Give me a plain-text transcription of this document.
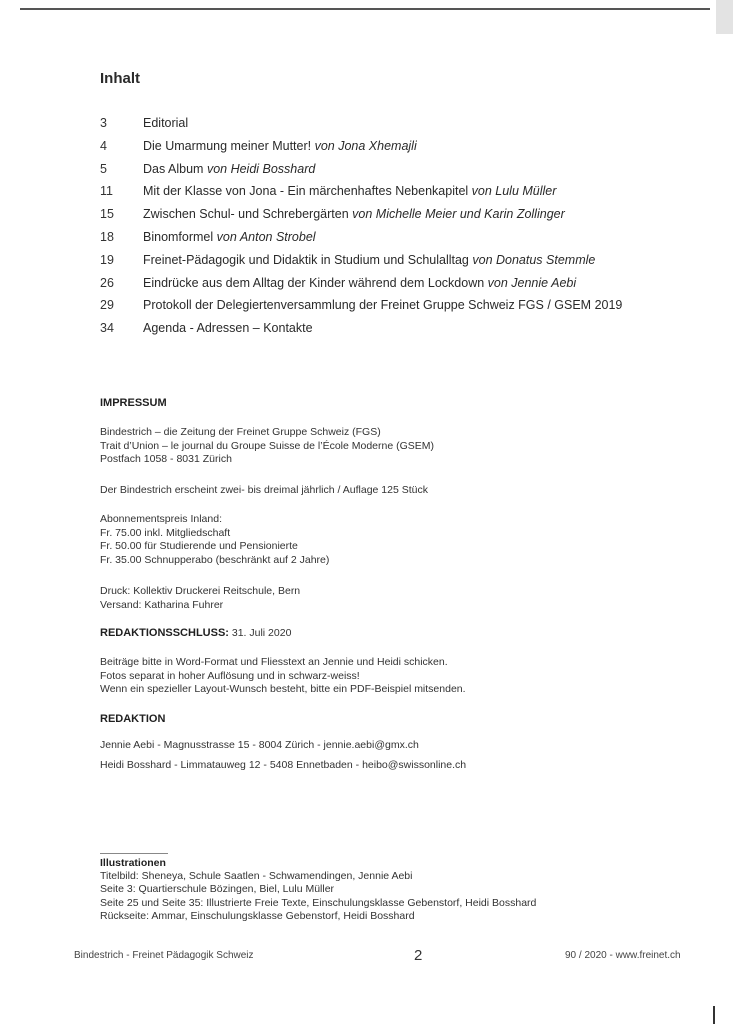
Inhalt
3	Editorial
4	Die Umarmung meiner Mutter! von Jona Xhemajli
5	Das Album von Heidi Bosshard
11 Mit der Klasse von Jona - Ein märchenhaftes Nebenkapitel von Lulu Müller
15 Zwischen Schul- und Schrebergärten von Michelle Meier und Karin Zollinger
18 Binomformel von Anton Strobel
19 Freinet-Pädagogik und Didaktik in Studium und Schulalltag von Donatus Stemmle
26 Eindrücke aus dem Alltag der Kinder während dem Lockdown von Jennie Aebi
29 Protokoll der Delegiertenversammlung der Freinet Gruppe Schweiz FGS / GSEM 2019
34 Agenda - Adressen – Kontakte
IMPRESSUM

Bindestrich – die Zeitung der Freinet Gruppe Schweiz (FGS)

Trait d’Union – le journal du Groupe Suisse de l’École Moderne (GSEM)

Postfach 1058 - 8031 Zürich

Der Bindestrich erscheint zwei- bis dreimal jährlich / Auflage 125 Stück

Abonnementspreis Inland:

Fr. 75.00 inkl. Mitgliedschaft

Fr. 50.00 für Studierende und Pensionierte

Fr. 35.00 Schnupperabo (beschränkt auf 2 Jahre)

Druck: Kollektiv Druckerei Reitschule, Bern

Versand: Katharina Fuhrer

REDAKTIONSSCHLUSS: 31. Juli 2020

Beiträge bitte in Word-Format und Fliesstext an Jennie und Heidi schicken.

Fotos separat in hoher Auflösung und in schwarz-weiss!

Wenn ein spezieller Layout-Wunsch besteht, bitte ein PDF-Beispiel mitsenden.

REDAKTION
Jennie Aebi - Magnusstrasse 15 - 8004 Zürich - jennie.aebi@gmx.ch
Heidi Bosshard - Limmatauweg 12 - 5408 Ennetbaden - heibo@swissonline.ch

Illustrationen

Titelbild: Sheneya, Schule Saatlen - Schwamendingen, Jennie Aebi

Seite 3: Quartierschule Bözingen, Biel, Lulu Müller

Seite 25 und Seite 35: Illustrierte Freie Texte, Einschulungsklasse Gebenstorf, Heidi Bosshard

Rückseite: Ammar, Einschulungsklasse Gebenstorf, Heidi Bosshard

Bindestrich - Freinet Pädagogik Schweiz	2	90 / 2020 - www.freinet.ch
